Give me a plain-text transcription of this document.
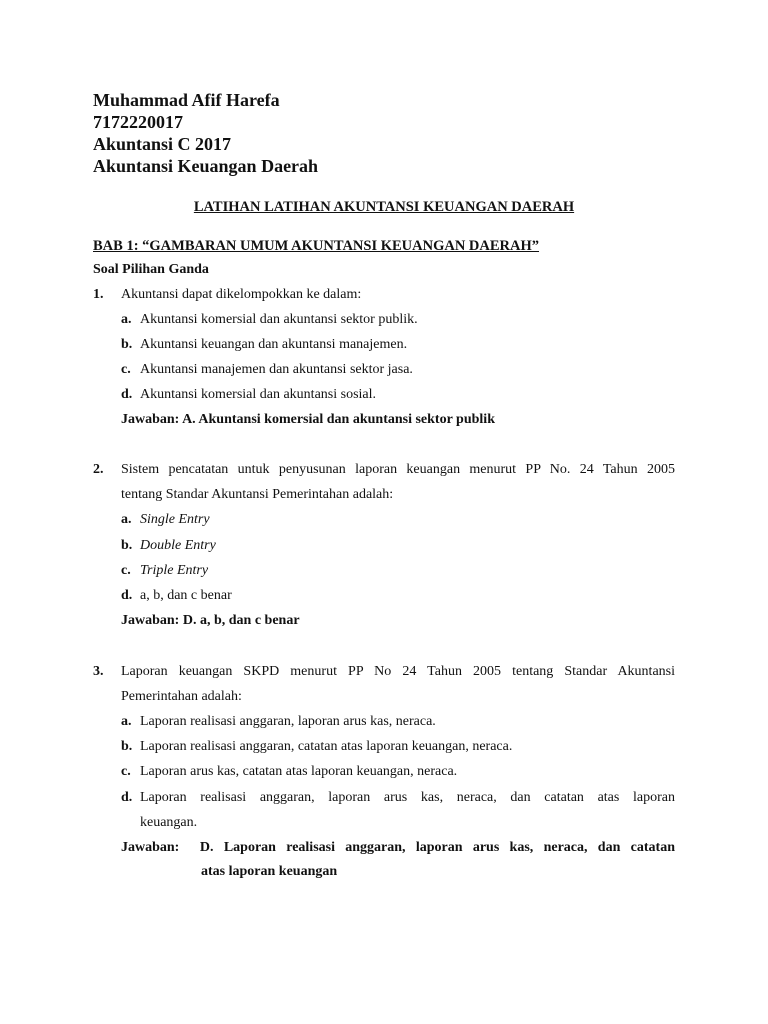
Muhammad Afif Harefa
7172220017
Akuntansi C 2017
Akuntansi Keuangan Daerah
LATIHAN LATIHAN AKUNTANSI KEUANGAN DAERAH
BAB 1: “GAMBARAN UMUM AKUNTANSI KEUANGAN DAERAH”
Soal Pilihan Ganda
1. Akuntansi dapat dikelompokkan ke dalam:
a. Akuntansi komersial dan akuntansi sektor publik.
b. Akuntansi keuangan dan akuntansi manajemen.
c. Akuntansi manajemen dan akuntansi sektor jasa.
d. Akuntansi komersial dan akuntansi sosial.
Jawaban: A. Akuntansi komersial dan akuntansi sektor publik
2. Sistem pencatatan untuk penyusunan laporan keuangan menurut PP No. 24 Tahun 2005
tentang Standar Akuntansi Pemerintahan adalah:
a. Single Entry
b. Double Entry
c. Triple Entry
d. a, b, dan c benar
Jawaban: D. a, b, dan c benar
3. Laporan keuangan SKPD menurut PP No 24 Tahun 2005 tentang Standar Akuntansi
Pemerintahan adalah:
a. Laporan realisasi anggaran, laporan arus kas, neraca.
b. Laporan realisasi anggaran, catatan atas laporan keuangan, neraca.
c. Laporan arus kas, catatan atas laporan keuangan, neraca.
d. Laporan realisasi anggaran, laporan arus kas, neraca, dan catatan atas laporan
keuangan.
Jawaban:  D. Laporan realisasi anggaran, laporan arus kas, neraca, dan catatan
atas laporan keuangan
